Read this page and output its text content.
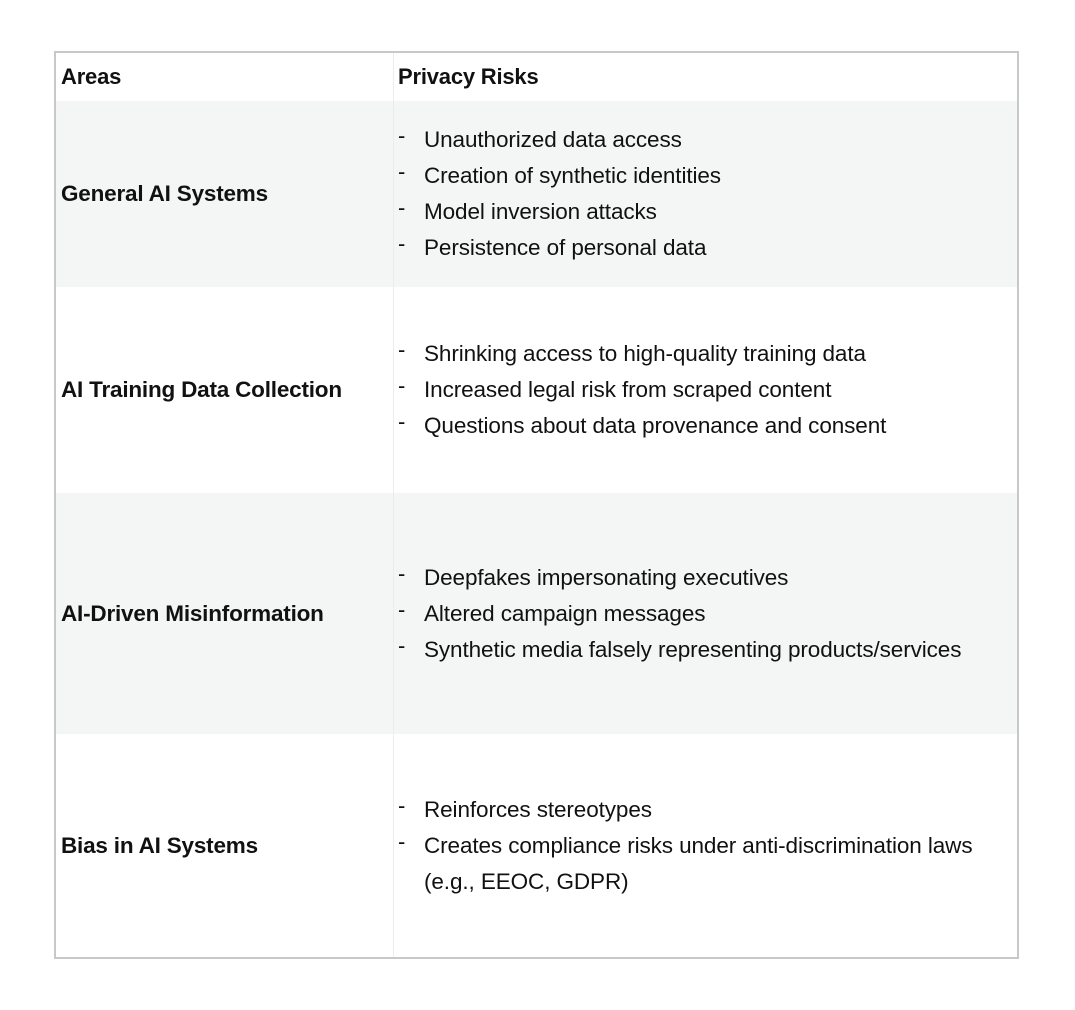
Areas	Privacy Risks
General AI Systems
- Unauthorized data access
- Creation of synthetic identities
- Model inversion attacks
- Persistence of personal data
AI Training Data Collection
- Shrinking access to high-quality training data
- Increased legal risk from scraped content
- Questions about data provenance and consent
AI-Driven Misinformation
- Deepfakes impersonating executives
- Altered campaign messages
- Synthetic media falsely representing products/services
Bias in AI Systems
- Reinforces stereotypes
- Creates compliance risks under anti-discrimination laws (e.g., EEOC, GDPR)
